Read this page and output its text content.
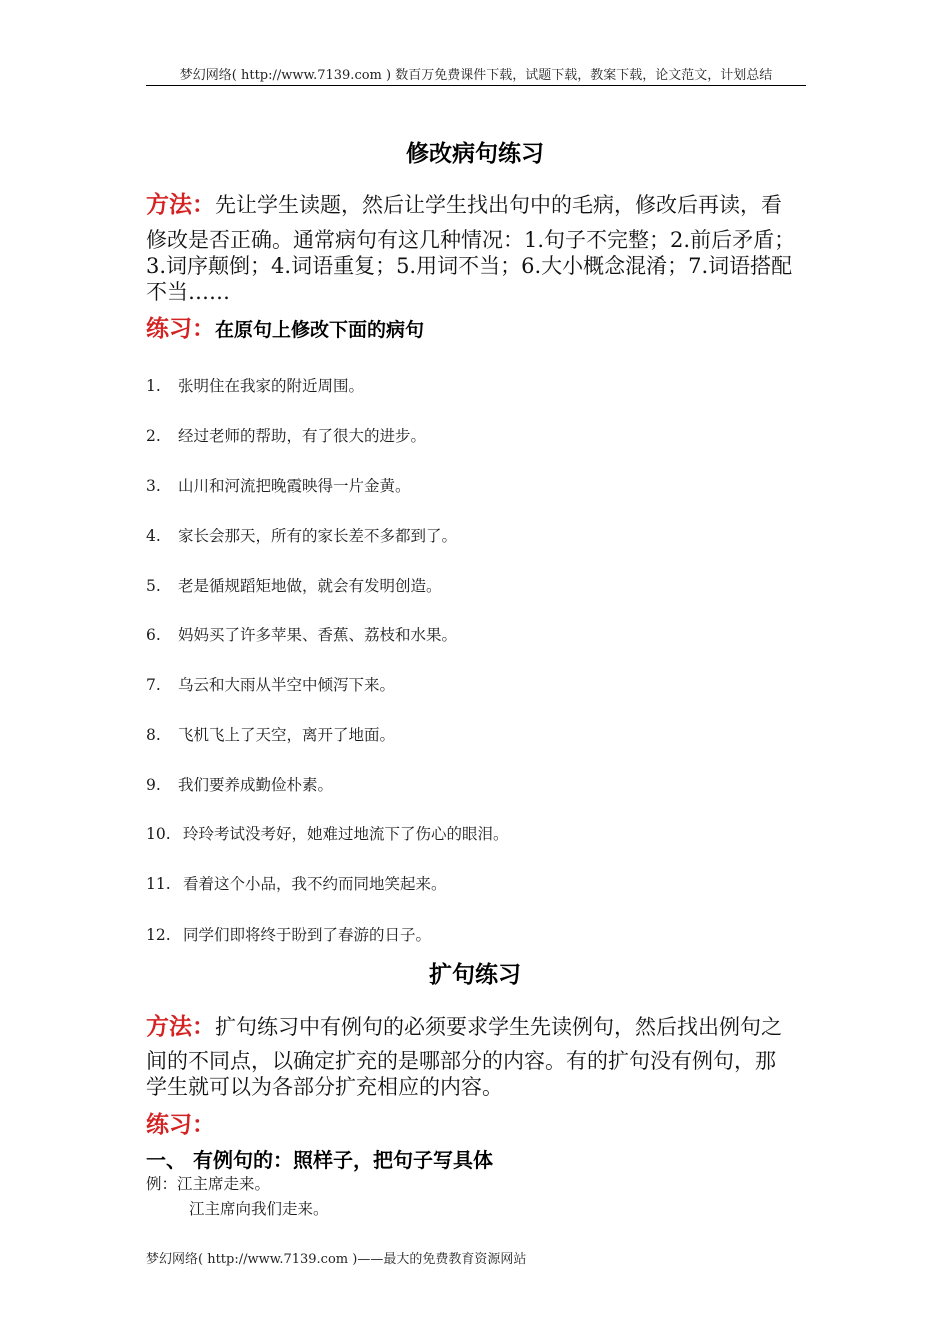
梦幻网络( http://www.7139.com ) 数百万免费课件下载，试题下载，教案下载，论文范文，计划总结
修改病句练习
方法：先让学生读题，然后让学生找出句中的毛病，修改后再读，看
修改是否正确。通常病句有这几种情况：1.句子不完整；2.前后矛盾；
3.词序颠倒；4.词语重复；5.用词不当；6.大小概念混淆；7.词语搭配
不当……
练习：在原句上修改下面的病句
1. 张明住在我家的附近周围。
2. 经过老师的帮助，有了很大的进步。
3. 山川和河流把晚霞映得一片金黄。
4. 家长会那天，所有的家长差不多都到了。
5. 老是循规蹈矩地做，就会有发明创造。
6. 妈妈买了许多苹果、香蕉、荔枝和水果。
7. 乌云和大雨从半空中倾泻下来。
8. 飞机飞上了天空，离开了地面。
9. 我们要养成勤俭朴素。
10. 玲玲考试没考好，她难过地流下了伤心的眼泪。
11. 看着这个小品，我不约而同地笑起来。
12. 同学们即将终于盼到了春游的日子。
扩句练习
方法：扩句练习中有例句的必须要求学生先读例句，然后找出例句之
间的不同点，以确定扩充的是哪部分的内容。有的扩句没有例句，那
学生就可以为各部分扩充相应的内容。
练习：
一、 有例句的：照样子，把句子写具体
例：江主席走来。
江主席向我们走来。
梦幻网络( http://www.7139.com )——最大的免费教育资源网站
